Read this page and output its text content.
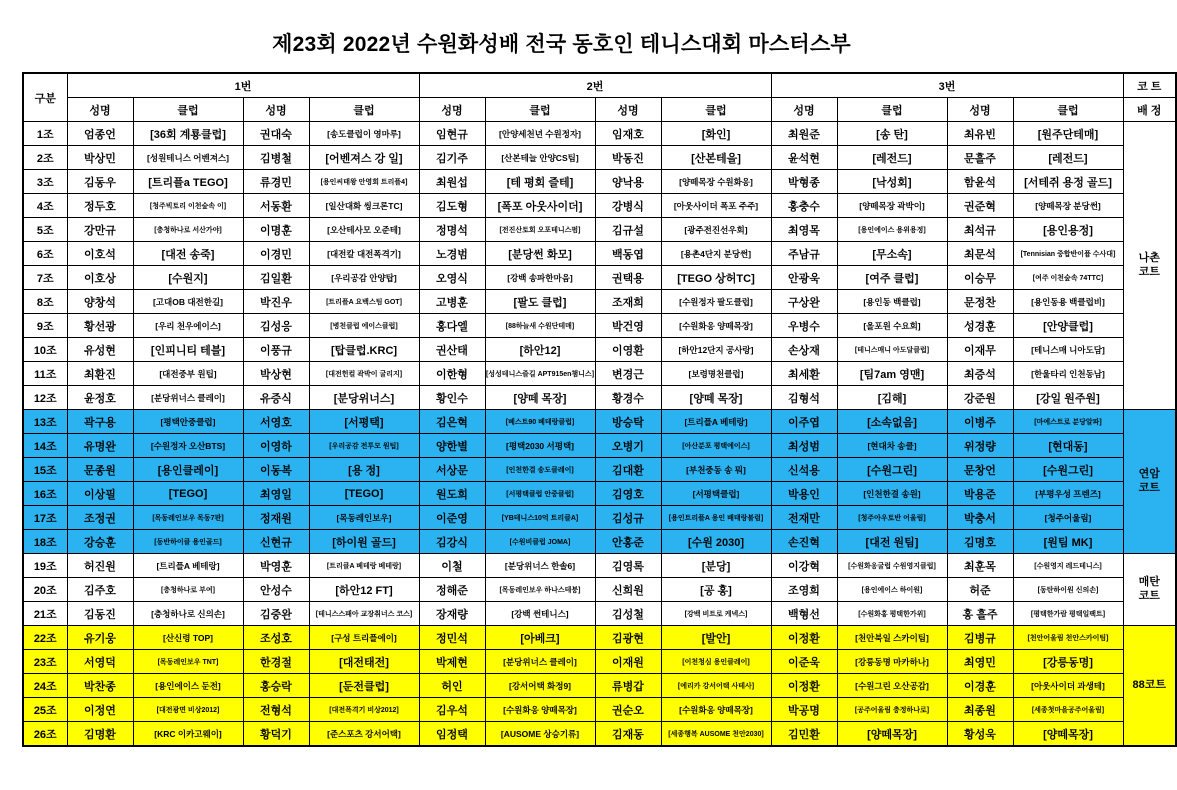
제23회 2022년 수원화성배 전국 동호인 테니스대회 마스터스부
구분	1번				2번				3번				코 트
	성명	클럽	성명	클럽	성명	클럽	성명	클럽	성명	클럽	성명	클럽	배 정
1조	엄종언	[36회 계룡클럽]	권대숙	[송도클럽이 영마루]	임현규	[안양세천년 수원정자]	임재호	[화인]	최원준	[송 탄]	최유빈	[원주단테매]	나촌
코트
2조	박상민	[성원테니스 어벤져스]	김병철	[어벤져스 강 일]	김기주	[산본테늘 안양CS팀]	박동진	[산본테을]	윤석현	[레전드]	문흘주	[레전드]	
3조	김동우	[트리플a TEGO]	류경민	[용인씨태왕 안영회 트리플4]	최원섭	[테 평회 즐테]	양낙용	[양떼목장 수원화옹]	박형종	[낙성회]	함윤석	[서테쥐 용정 골드]	
4조	정두호	[청주빅토리 이천숲속 이]	서동환	[일산대화 씽크론TC]	김도형	[폭포 아웃사이더]	강병식	[아웃사이더 폭포 주주]	홍충수	[양떼목장 곽박이]	권준혁	[양떼목장 분당썬]	
5조	강만규	[충청하나로 서산가야]	이명훈	[오산테사모 오준테]	정명석	[전진산토회 오포테니스펌]	김규설	[광주전진선우회]	최영목	[용인에이스 용위용정]	최석규	[용인용정]	
6조	이호석	[대전 송죽]	이경민	[대전칼 대전폭격기]	노경범	[분당썬 화모]	백동엽	[용촌4단지 분당썬]	주남규	[무소속]	최문석	[Tennisian 중합반이퓸 수사대]	
7조	이호상	[수원지]	김일환	[우리공감 안양탑]	오영식	[강백 송파한마음]	권택용	[TEGO 상허TC]	안광욱	[여주 클럽]	이승무	[여주 이천숲속 74TTC]	
8조	양창석	[고대OB 대전한길]	박진우	[트리플A 요백스팀 GOT]	고병훈	[팔도 클럽]	조재희	[수원정자 팔도클럽]	구상완	[용인동 백클럽]	문정찬	[용인동용 백클럽비]	
9조	황선광	[우리 천우에이스]	김성응	[병천클럽 에이스클럽]	홍다엘	[88하늘새 수원단테매]	박건영	[수원화옹 양떼목장]	우병수	[올포원 수요회]	성경훈	[안양클럽]	
10조	유성현	[인피니티 테블]	이풍규	[탑클럽.KRC]	권산태	[하안12]	이영환	[하안12단지 공사랑]	손상재	[테니스매니 아도달클럽]	이재무	[테니스매 니아도담]	
11조	최환진	[대전중부 원팁]	박상현	[대전헌컬 곽박이 굴리지]	이한형	[성성테니스즐길 APT915en챔니스]	변경근	[보령명천클럽]	최세환	[팀7am 영맨]	최증석	[한울타리 인천동남]	
12조	윤정호	[분당위너스 클레이]	유증식	[분당위너스]	황인수	[양떼 목장]	황경수	[양떼 목장]	김형석	[김해]	강준원	[강일 원주원]	
13조	곽구용	[평택안중클럽]	서영호	[서평택]	김은혁	[베스트90 베테랑클럽]	방승탁	[트리플A 베테랑]	이주엽	[소속없음]	이병주	[마에스트로 분당알파]	연암
코트
14조	유명완	[수원정자 오산BTS]	이영하	[우리공감 전투모 원팁]	양한별	[평택2030 서평택]	오병기	[아산분포 평택에이스]	최성범	[현대차 송클]	위정량	[현대동]	
15조	문종원	[용인클레이]	이동복	[용 정]	서상문	[인천한결 송도클레이]	김대환	[부천중동 송 뭐]	신석용	[수원그린]	문창언	[수원그린]	
16조	이상필	[TEGO]	최영일	[TEGO]	원도희	[서평택클럽 안중클럽]	김영호	[서평택클럽]	박용인	[인천한결 송원]	박용준	[부평우성 프렌즈]	
17조	조정권	[목동레인보우 목동7판]	정재원	[목동레인보우]	이준영	[YB테니스10억 트리클A]	김성규	[용인트리플A 용인 배태랑불럼]	전재만	[청주아우토반 어울림]	박충서	[청주어울림]	
18조	강승훈	[동반하이클 용인골드]	신현규	[하이원 골드]	김강식	[수원비클럽 JOMA]	안홍준	[수원 2030]	손진혁	[대전 원팀]	김명호	[원팀 MK]	
19조	허진원	[트리플A 베테랑]	박영훈	[트리클A 베테랑 베테랑]	이철	[분당위너스 한솔6]	김영록	[분당]	이강혁	[수원화옹굴럽 수원영지클럽]	최훈목	[수원영지 레드테니스]	매탄
코트
20조	김주호	[충청하나로 부여]	안성수	[하안12 FT]	정해준	[목동레인보우 하나스테붕]	신희원	[공 홍]	조영희	[용인에이스 하이원]	허준	[동탄하이원 신의손]	
21조	김동진	[충청하나로 신의손]	김중완	[테니스스패아 교장취너스 코스]	장재량	[강백 썬테니스]	김성철	[강백 비트로 케넥스]	백형선	[수원화홍 평택한가위]	홍 흘주	[평택한가람 평택일팩트]	
22조	유기웅	[산신령 TOP]	조성호	[구성 트리플에이]	정민석	[아베크]	김광현	[발안]	이정환	[천안북일 스카이팀]	김병규	[천안어울림 천안스카이팀]	88코트
23조	서영덕	[목동레인보우 TNT]	한경절	[대전태전]	박제현	[분당위너스 클레이]	이재원	[이천청심 용인클레이]	이준욱	[강릉동명 마카하나]	최영민	[강릉동명]	
24조	박찬종	[용인에이스 둔전]	홍승락	[둔전클럽]	허인	[강서어택 화정9]	류병갑	[에리카 강서어택 사테사]	이정환	[수원그린 오산공감]	이경훈	[아웃사이더 과생테]	
25조	이정연	[대전광면 비상2012]	전형석	[대전폭격기 비상2012]	김우석	[수원화옹 양떼목장]	권순오	[수원화옹 양떼목장]	박공명	[공주어울림 충정하나로]	최종원	[세종첫마을공주어울림]	
26조	김명환	[KRC 이카고웨이]	황덕기	[준스포츠 강서어택]	임정택	[AUSOME 상승기류]	김재동	[세종행복 AUSOME 천안2030]	김민환	[양떼목장]	황성욱	[양떼목장]	
